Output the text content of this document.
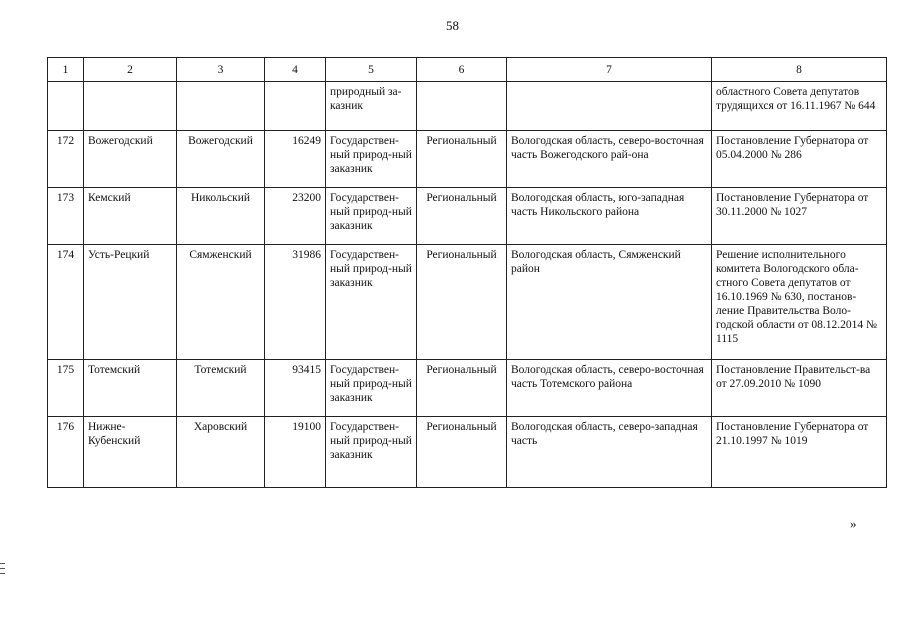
58
1	2	3	4	5	6	7	8
				природный за-казник			областного Совета депутатов трудящихся от 16.11.1967 № 644
172	Вожегодский	Вожегодский	16249	Государствен-ный природ-ный заказник	Региональный	Вологодская область, северо-восточная часть Вожегодского рай-она	Постановление Губернатора от 05.04.2000 № 286
173	Кемский	Никольский	23200	Государствен-ный природ-ный заказник	Региональный	Вологодская область, юго-западная часть Никольского района	Постановление Губернатора от 30.11.2000 № 1027
174	Усть-Рецкий	Сямженский	31986	Государствен-ный природ-ный заказник	Региональный	Вологодская область, Сямженский район	Решение исполнительного комитета Вологодского обла-стного Совета депутатов от 16.10.1969 № 630, постанов-ление Правительства Воло-годской области от 08.12.2014 № 1115
175	Тотемский	Тотемский	93415	Государствен-ный природ-ный заказник	Региональный	Вологодская область, северо-восточная часть Тотемского района	Постановление Правительст-ва от 27.09.2010 № 1090
176	Нижне-Кубенский	Харовский	19100	Государствен-ный природ-ный заказник	Региональный	Вологодская область, северо-западная часть	Постановление Губернатора от 21.10.1997 № 1019
»
